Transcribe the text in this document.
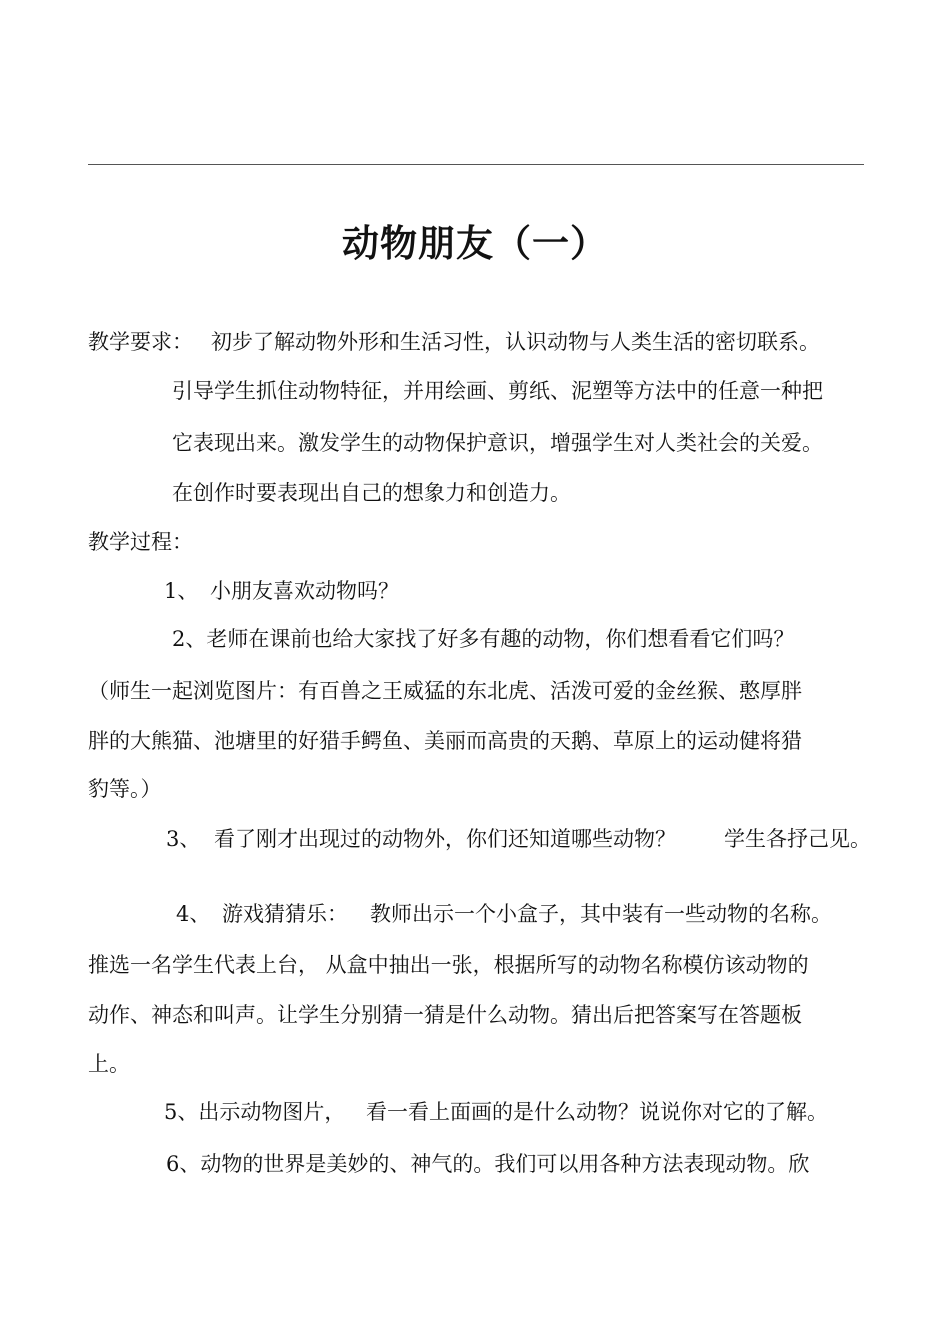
动物朋友（一）
教学要求： 初步了解动物外形和生活习性，认识动物与人类生活的密切联系。
引导学生抓住动物特征，并用绘画、剪纸、泥塑等方法中的任意一种把
它表现出来。激发学生的动物保护意识，增强学生对人类社会的关爱。
在创作时要表现出自己的想象力和创造力。
教学过程：
1、 小朋友喜欢动物吗？
2、老师在课前也给大家找了好多有趣的动物，你们想看看它们吗？
（师生一起浏览图片：有百兽之王威猛的东北虎、活泼可爱的金丝猴、憨厚胖
胖的大熊猫、池塘里的好猎手鳄鱼、美丽而高贵的天鹅、草原上的运动健将猎
豹等。）
3、 看了刚才出现过的动物外，你们还知道哪些动物？ 学生各抒己见。
4、 游戏猜猜乐： 教师出示一个小盒子，其中装有一些动物的名称。
推选一名学生代表上台， 从盒中抽出一张，根据所写的动物名称模仿该动物的
动作、神态和叫声。让学生分别猜一猜是什么动物。猜出后把答案写在答题板
上。
5、出示动物图片， 看一看上面画的是什么动物？说说你对它的了解。
6、动物的世界是美妙的、神气的。我们可以用各种方法表现动物。欣
